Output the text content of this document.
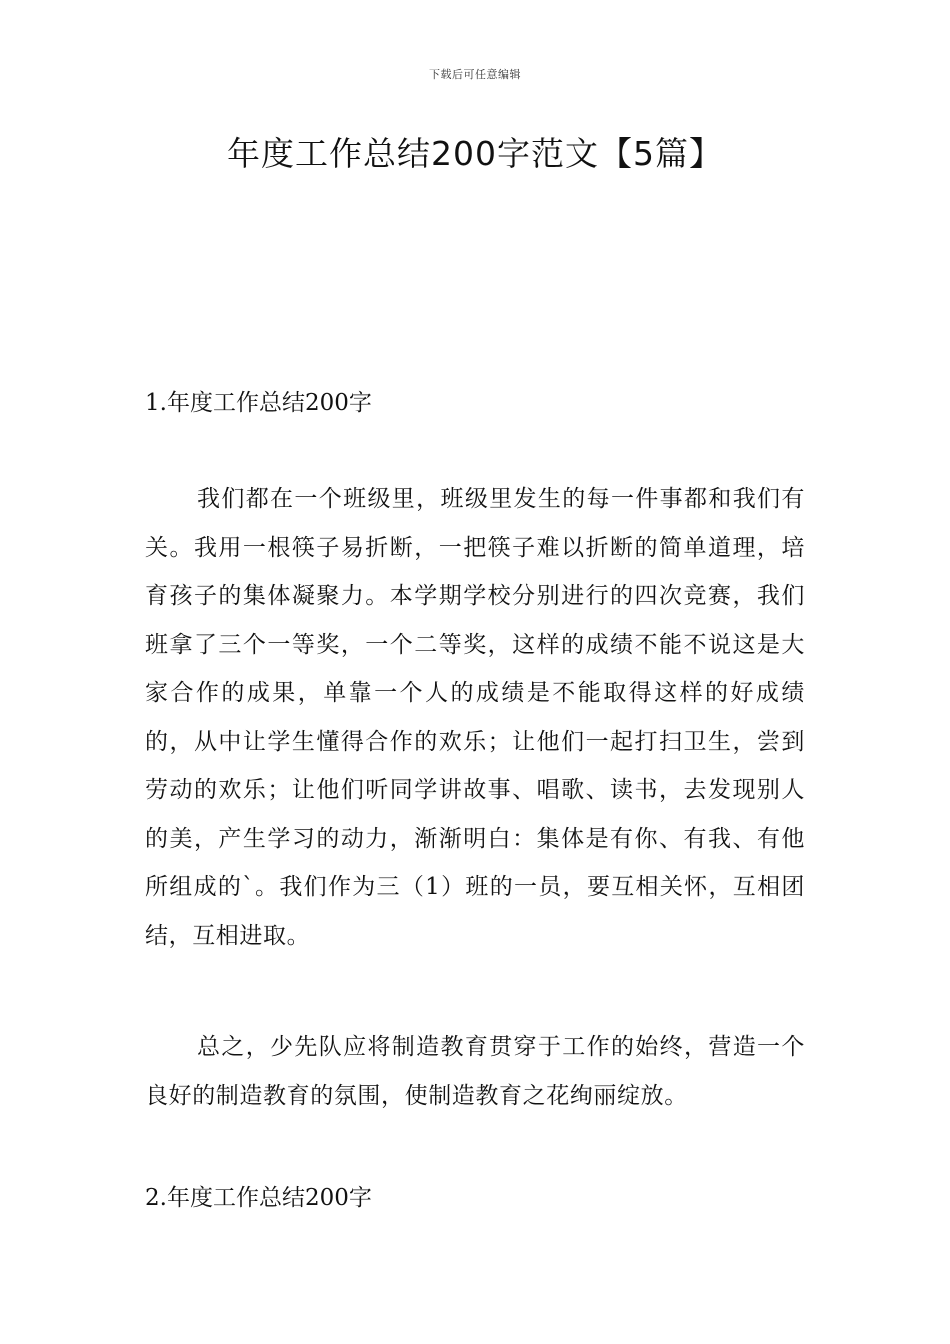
下载后可任意编辑
年度工作总结200字范文【5篇】
1.年度工作总结200字

我们都在一个班级里，班级里发生的每一件事都和我们有关。我用一根筷子易折断，一把筷子难以折断的简单道理，培育孩子的集体凝聚力。本学期学校分别进行的四次竞赛，我们班拿了三个一等奖，一个二等奖，这样的成绩不能不说这是大家合作的成果，单靠一个人的成绩是不能取得这样的好成绩的，从中让学生懂得合作的欢乐；让他们一起打扫卫生，尝到劳动的欢乐；让他们听同学讲故事、唱歌、读书，去发现别人的美，产生学习的动力，渐渐明白：集体是有你、有我、有他所组成的`。我们作为三（1）班的一员，要互相关怀，互相团结，互相进取。

总之，少先队应将制造教育贯穿于工作的始终，营造一个良好的制造教育的氛围，使制造教育之花绚丽绽放。

2.年度工作总结200字
